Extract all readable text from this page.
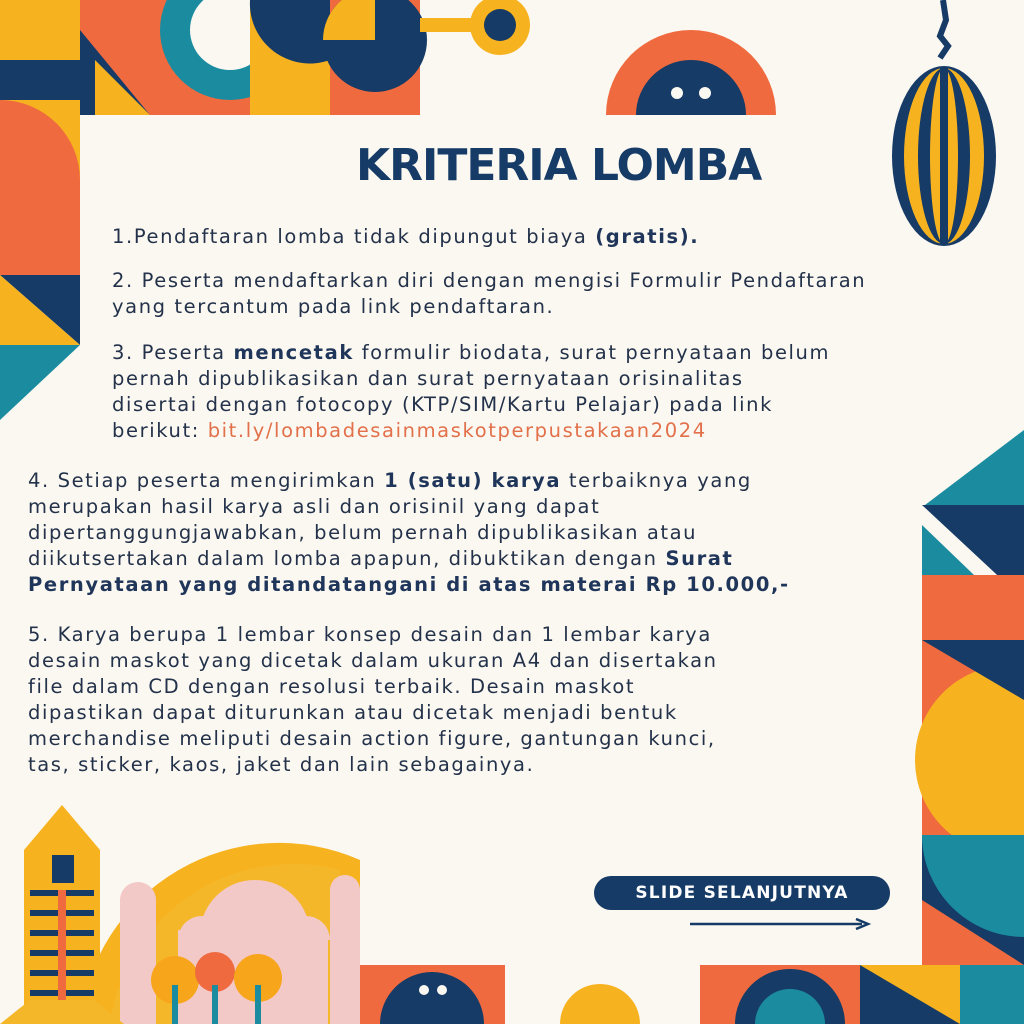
KRITERIA LOMBA
1.Pendaftaran lomba tidak dipungut biaya (gratis).
2. Peserta mendaftarkan diri dengan mengisi Formulir Pendaftaran
yang tercantum pada link pendaftaran.
3. Peserta mencetak formulir biodata, surat pernyataan belum
pernah dipublikasikan dan surat pernyataan orisinalitas
disertai dengan fotocopy (KTP/SIM/Kartu Pelajar) pada link
berikut: bit.ly/lombadesainmaskotperpustakaan2024
4. Setiap peserta mengirimkan 1 (satu) karya terbaiknya yang
merupakan hasil karya asli dan orisinil yang dapat
dipertanggungjawabkan, belum pernah dipublikasikan atau
diikutsertakan dalam lomba apapun, dibuktikan dengan Surat
Pernyataan yang ditandatangani di atas materai Rp 10.000,-
5. Karya berupa 1 lembar konsep desain dan 1 lembar karya
desain maskot yang dicetak dalam ukuran A4 dan disertakan
file dalam CD dengan resolusi terbaik. Desain maskot
dipastikan dapat diturunkan atau dicetak menjadi bentuk
merchandise meliputi desain action figure, gantungan kunci,
tas, sticker, kaos, jaket dan lain sebagainya.
SLIDE SELANJUTNYA
